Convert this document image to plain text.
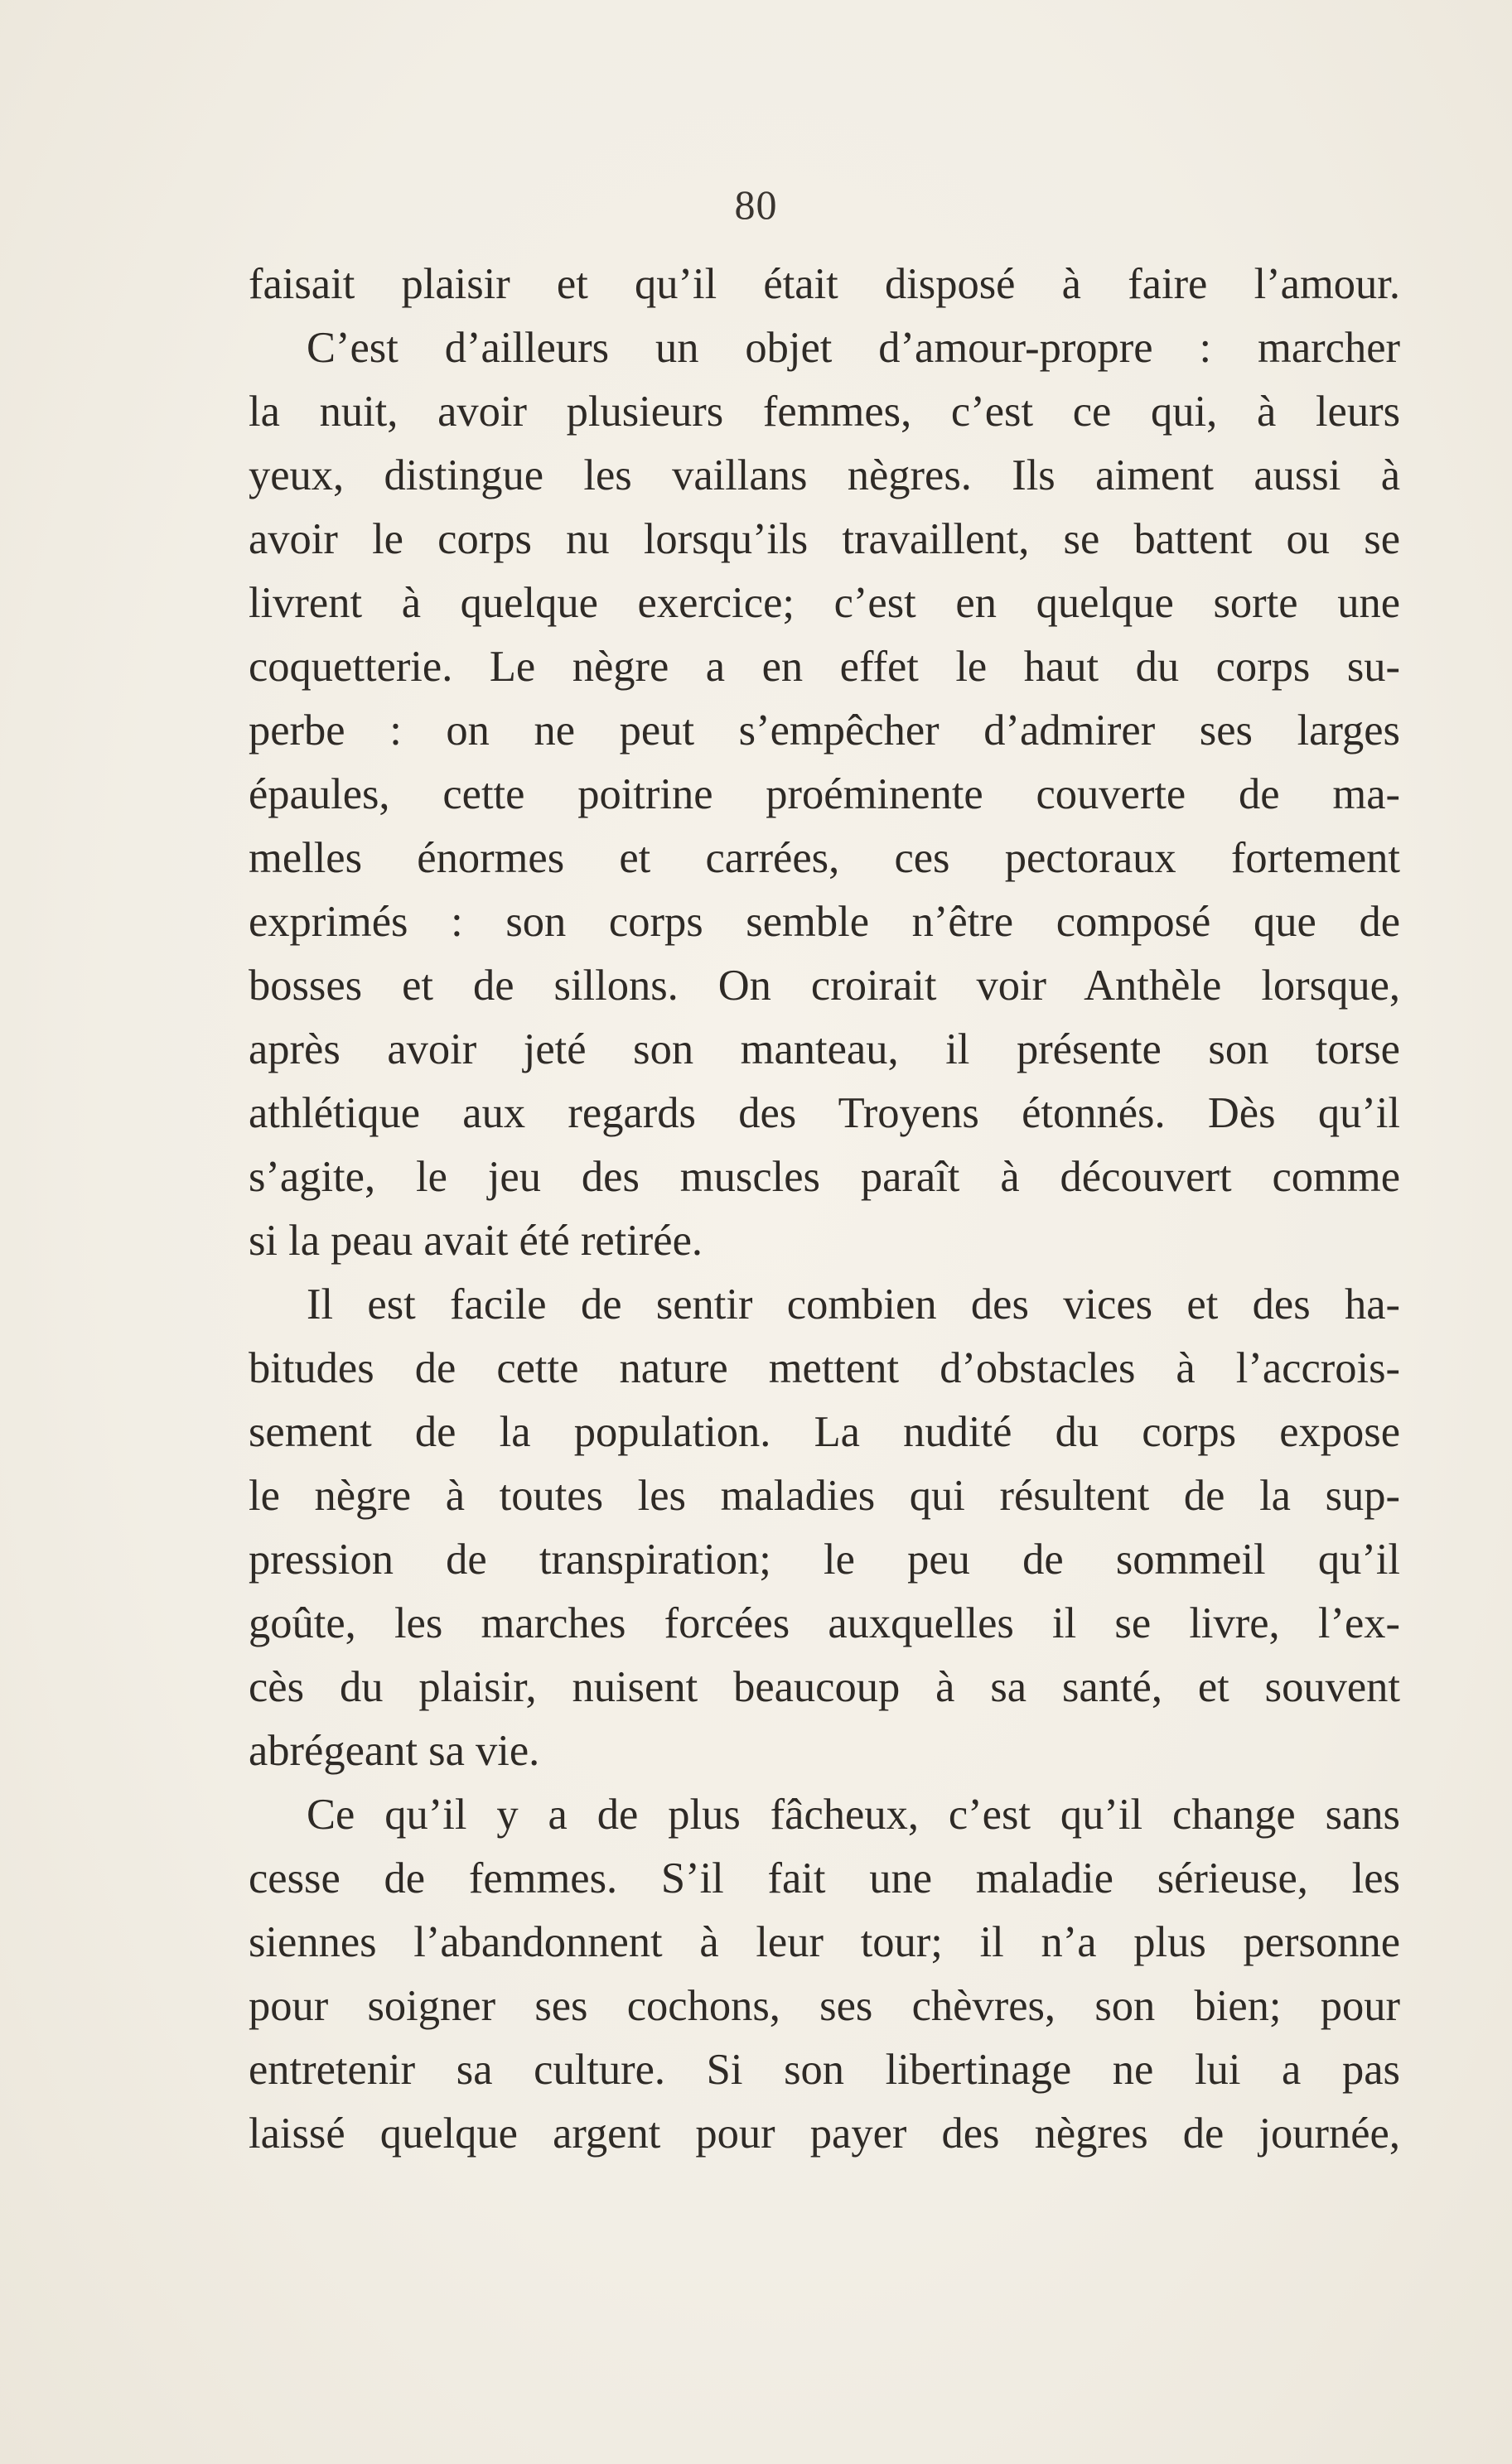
80
faisait plaisir et qu’il était disposé à faire l’amour.
C’est d’ailleurs un objet d’amour-propre : marcher
la nuit, avoir plusieurs femmes, c’est ce qui, à leurs
yeux, distingue les vaillans nègres. Ils aiment aussi à
avoir le corps nu lorsqu’ils travaillent, se battent ou se
livrent à quelque exercice; c’est en quelque sorte une
coquetterie. Le nègre a en effet le haut du corps su-
perbe : on ne peut s’empêcher d’admirer ses larges
épaules, cette poitrine proéminente couverte de ma-
melles énormes et carrées, ces pectoraux fortement
exprimés : son corps semble n’être composé que de
bosses et de sillons. On croirait voir Anthèle lorsque,
après avoir jeté son manteau, il présente son torse
athlétique aux regards des Troyens étonnés. Dès qu’il
s’agite, le jeu des muscles paraît à découvert comme
si la peau avait été retirée.
Il est facile de sentir combien des vices et des ha-
bitudes de cette nature mettent d’obstacles à l’accrois-
sement de la population. La nudité du corps expose
le nègre à toutes les maladies qui résultent de la sup-
pression de transpiration; le peu de sommeil qu’il
goûte, les marches forcées auxquelles il se livre, l’ex-
cès du plaisir, nuisent beaucoup à sa santé, et souvent
abrégeant sa vie.
Ce qu’il y a de plus fâcheux, c’est qu’il change sans
cesse de femmes. S’il fait une maladie sérieuse, les
siennes l’abandonnent à leur tour; il n’a plus personne
pour soigner ses cochons, ses chèvres, son bien; pour
entretenir sa culture. Si son libertinage ne lui a pas
laissé quelque argent pour payer des nègres de journée,
